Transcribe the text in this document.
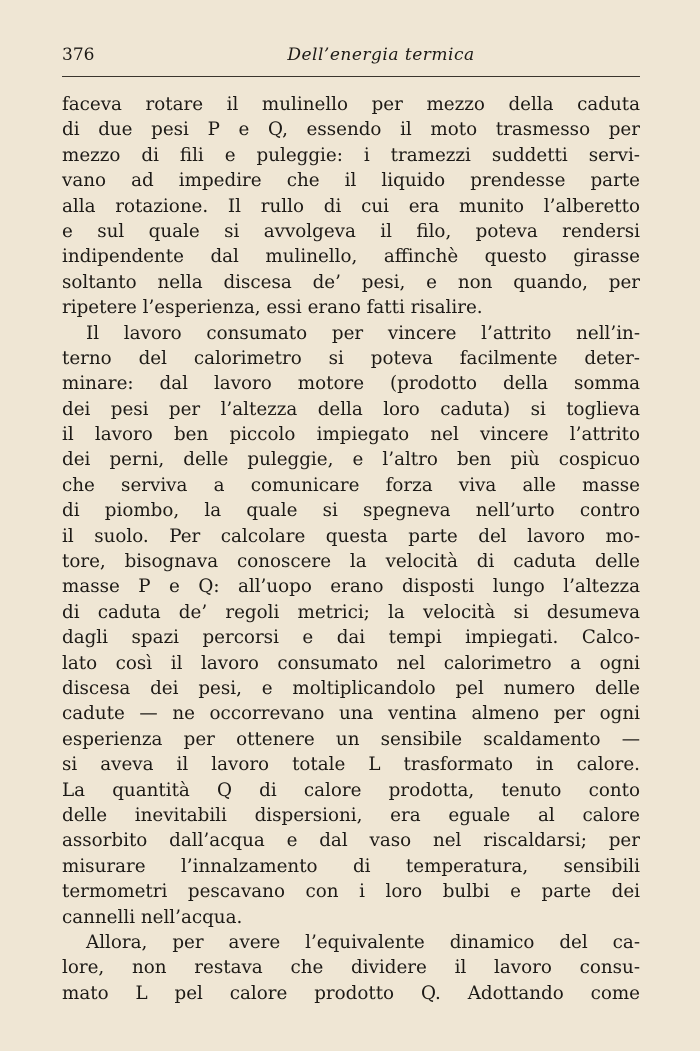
376	Dell’energia termica
faceva rotare il mulinello per mezzo della caduta
di due pesi P e Q, essendo il moto trasmesso per
mezzo di fili e puleggie: i tramezzi suddetti servi-
vano ad impedire che il liquido prendesse parte
alla rotazione. Il rullo di cui era munito l’alberetto
e sul quale si avvolgeva il filo, poteva rendersi
indipendente dal mulinello, affinchè questo girasse
soltanto nella discesa de’ pesi, e non quando, per
ripetere l’esperienza, essi erano fatti risalire.
Il lavoro consumato per vincere l’attrito nell’in-
terno del calorimetro si poteva facilmente deter-
minare: dal lavoro motore (prodotto della somma
dei pesi per l’altezza della loro caduta) si toglieva
il lavoro ben piccolo impiegato nel vincere l’attrito
dei perni, delle puleggie, e l’altro ben più cospicuo
che serviva a comunicare forza viva alle masse
di piombo, la quale si spegneva nell’urto contro
il suolo. Per calcolare questa parte del lavoro mo-
tore, bisognava conoscere la velocità di caduta delle
masse P e Q: all’uopo erano disposti lungo l’altezza
di caduta de’ regoli metrici; la velocità si desumeva
dagli spazi percorsi e dai tempi impiegati. Calco-
lato così il lavoro consumato nel calorimetro a ogni
discesa dei pesi, e moltiplicandolo pel numero delle
cadute — ne occorrevano una ventina almeno per ogni
esperienza per ottenere un sensibile scaldamento —
si aveva il lavoro totale L trasformato in calore.
La quantità Q di calore prodotta, tenuto conto
delle inevitabili dispersioni, era eguale al calore
assorbito dall’acqua e dal vaso nel riscaldarsi; per
misurare l’innalzamento di temperatura, sensibili
termometri pescavano con i loro bulbi e parte dei
cannelli nell’acqua.
Allora, per avere l’equivalente dinamico del ca-
lore, non restava che dividere il lavoro consu-
mato L pel calore prodotto Q. Adottando come
